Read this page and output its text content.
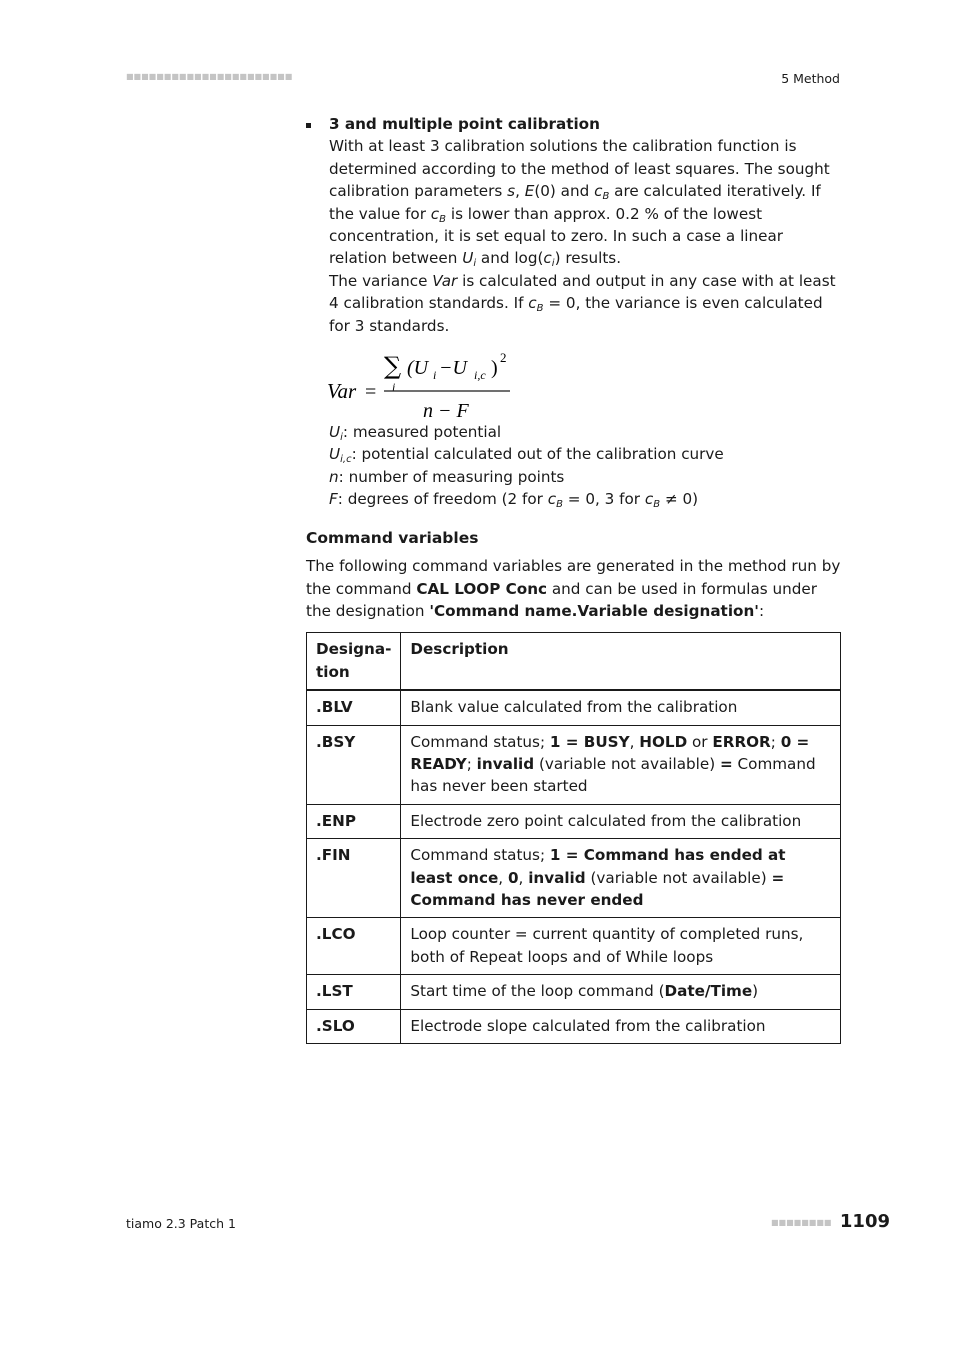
■■■■■■■■■■■■■■■■■■■■■■	5 Method

3 and multiple point calibration

With at least 3 calibration solutions the calibration function is determined according to the method of least squares. The sought calibration parameters s, E(0) and $c_B$ are calculated iteratively. If the value for $c_B$ is lower than approx. 0.2 % of the lowest concentration, it is set equal to zero. In such a case a linear relation between $U_i$ and $\log(c_i)$ results.

The variance Var is calculated and output in any case with at least 4 calibration standards. If $c_B = 0$, the variance is even calculated for 3 standards.

Var =
∑
i
(U i −U i,c ) 2
n − F

$U_i$: measured potential

$U_{i,c}$: potential calculated out of the calibration curve

n: number of measuring points

F: degrees of freedom (2 for $c_B = 0$, 3 for $c_B \ne 0$)

Command variables

The following command variables are generated in the method run by the command CAL LOOP Conc and can be used in formulas under the designation 'Command name.Variable designation':

Designa-
tion	Description
.BLV	Blank value calculated from the calibration
.BSY	Command status; 1 = BUSY, HOLD or ERROR; 0 = READY; invalid (variable not available) = Command has never been started
.ENP	Electrode zero point calculated from the calibration
.FIN	Command status; 1 = Command has ended at least once, 0, invalid (variable not available) = Command has never ended
.LCO	Loop counter = current quantity of completed runs, both of Repeat loops and of While loops
.LST	Start time of the loop command (Date/Time)
.SLO	Electrode slope calculated from the calibration
tiamo 2.3 Patch 1	■■■■■■■■ 1109
